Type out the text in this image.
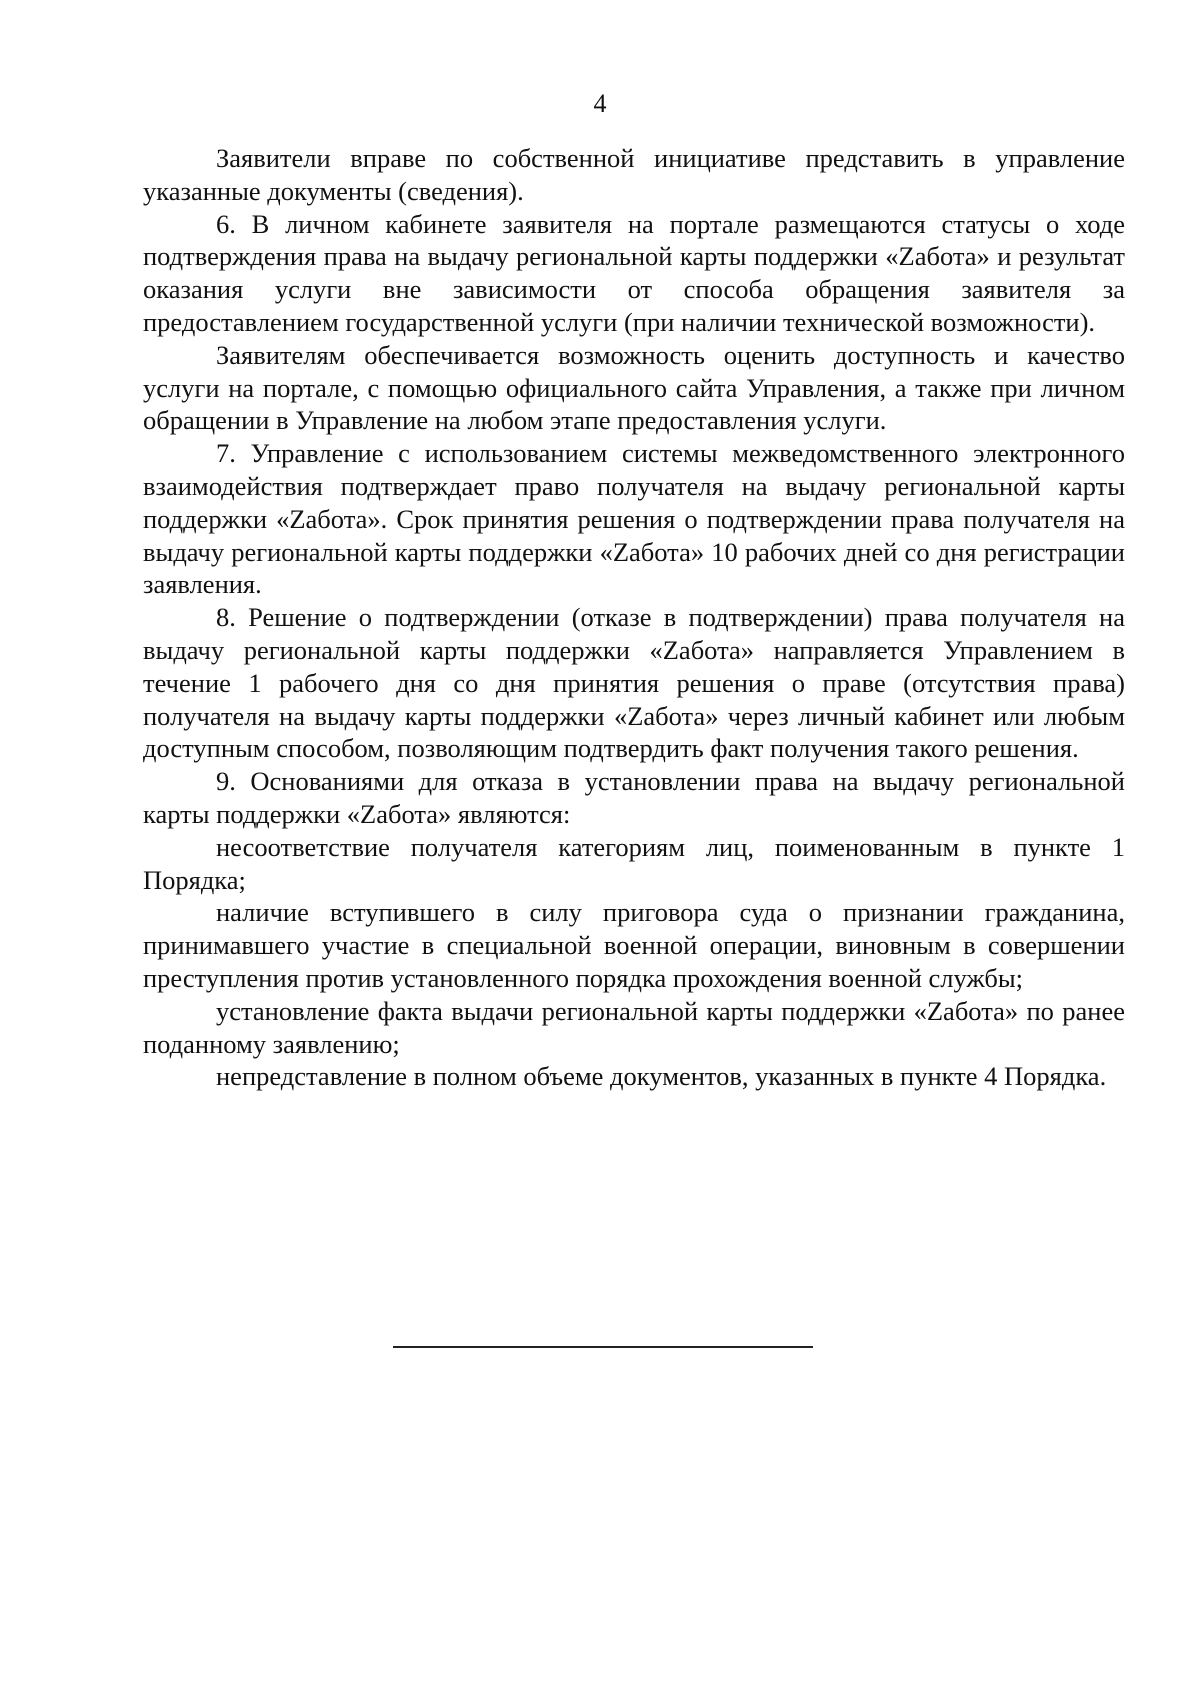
4

Заявители вправе по собственной инициативе представить в управление указанные документы (сведения).

6. В личном кабинете заявителя на портале размещаются статусы о ходе подтверждения права на выдачу региональной карты поддержки «Zабота» и результат оказания услуги вне зависимости от способа обращения заявителя за предоставлением государственной услуги (при наличии технической возможности).

Заявителям обеспечивается возможность оценить доступность и качество услуги на портале, с помощью официального сайта Управления, а также при личном обращении в Управление на любом этапе предоставления услуги.

7. Управление с использованием системы межведомственного электронного взаимодействия подтверждает право получателя на выдачу региональной карты поддержки «Zабота». Срок принятия решения о подтверждении права получателя на выдачу региональной карты поддержки «Zабота» 10 рабочих дней со дня регистрации заявления.

8. Решение о подтверждении (отказе в подтверждении) права получателя на выдачу региональной карты поддержки «Zабота» направляется Управлением в течение 1 рабочего дня со дня принятия решения о праве (отсутствия права) получателя на выдачу карты поддержки «Zабота» через личный кабинет или любым доступным способом, позволяющим подтвердить факт получения такого решения.

9. Основаниями для отказа в установлении права на выдачу региональной карты поддержки «Zабота» являются:

несоответствие получателя категориям лиц, поименованным в пункте 1 Порядка;

наличие вступившего в силу приговора суда о признании гражданина, принимавшего участие в специальной военной операции, виновным в совершении преступления против установленного порядка прохождения военной службы;

установление факта выдачи региональной карты поддержки «Zабота» по ранее поданному заявлению;

непредставление в полном объеме документов, указанных в пункте 4 Порядка.
